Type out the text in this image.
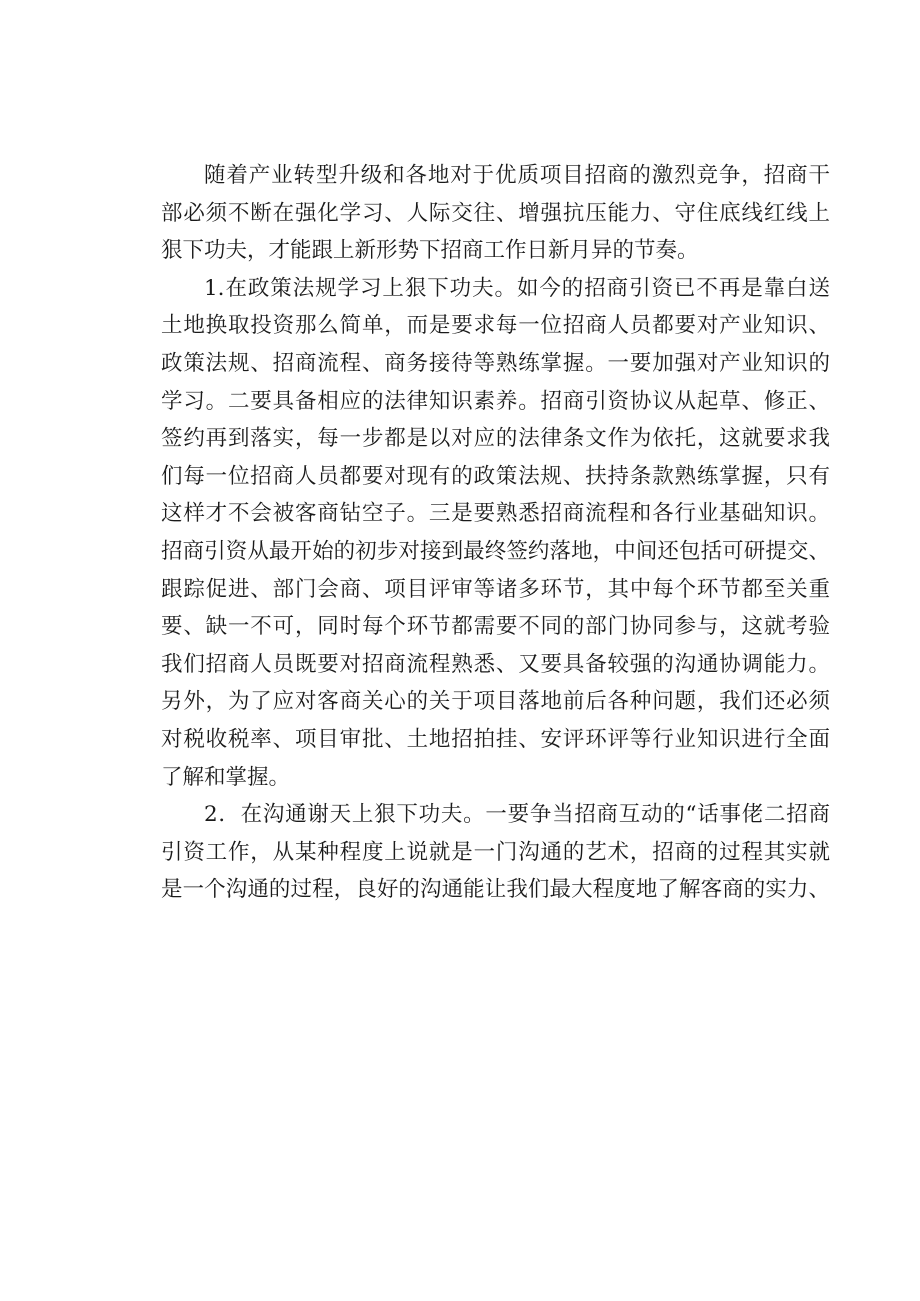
随着产业转型升级和各地对于优质项目招商的激烈竞争，招商干
部必须不断在强化学习、人际交往、增强抗压能力、守住底线红线上
狠下功夫，才能跟上新形势下招商工作日新月异的节奏。
1.在政策法规学习上狠下功夫。如今的招商引资已不再是靠白送
土地换取投资那么简单，而是要求每一位招商人员都要对产业知识、
政策法规、招商流程、商务接待等熟练掌握。一要加强对产业知识的
学习。二要具备相应的法律知识素养。招商引资协议从起草、修正、
签约再到落实，每一步都是以对应的法律条文作为依托，这就要求我
们每一位招商人员都要对现有的政策法规、扶持条款熟练掌握，只有
这样才不会被客商钻空子。三是要熟悉招商流程和各行业基础知识。
招商引资从最开始的初步对接到最终签约落地，中间还包括可研提交、
跟踪促进、部门会商、项目评审等诸多环节，其中每个环节都至关重
要、缺一不可，同时每个环节都需要不同的部门协同参与，这就考验
我们招商人员既要对招商流程熟悉、又要具备较强的沟通协调能力。
另外，为了应对客商关心的关于项目落地前后各种问题，我们还必须
对税收税率、项目审批、土地招拍挂、安评环评等行业知识进行全面
了解和掌握。
2．在沟通谢天上狠下功夫。一要争当招商互动的“话事佬二招商
引资工作，从某种程度上说就是一门沟通的艺术，招商的过程其实就
是一个沟通的过程，良好的沟通能让我们最大程度地了解客商的实力、
